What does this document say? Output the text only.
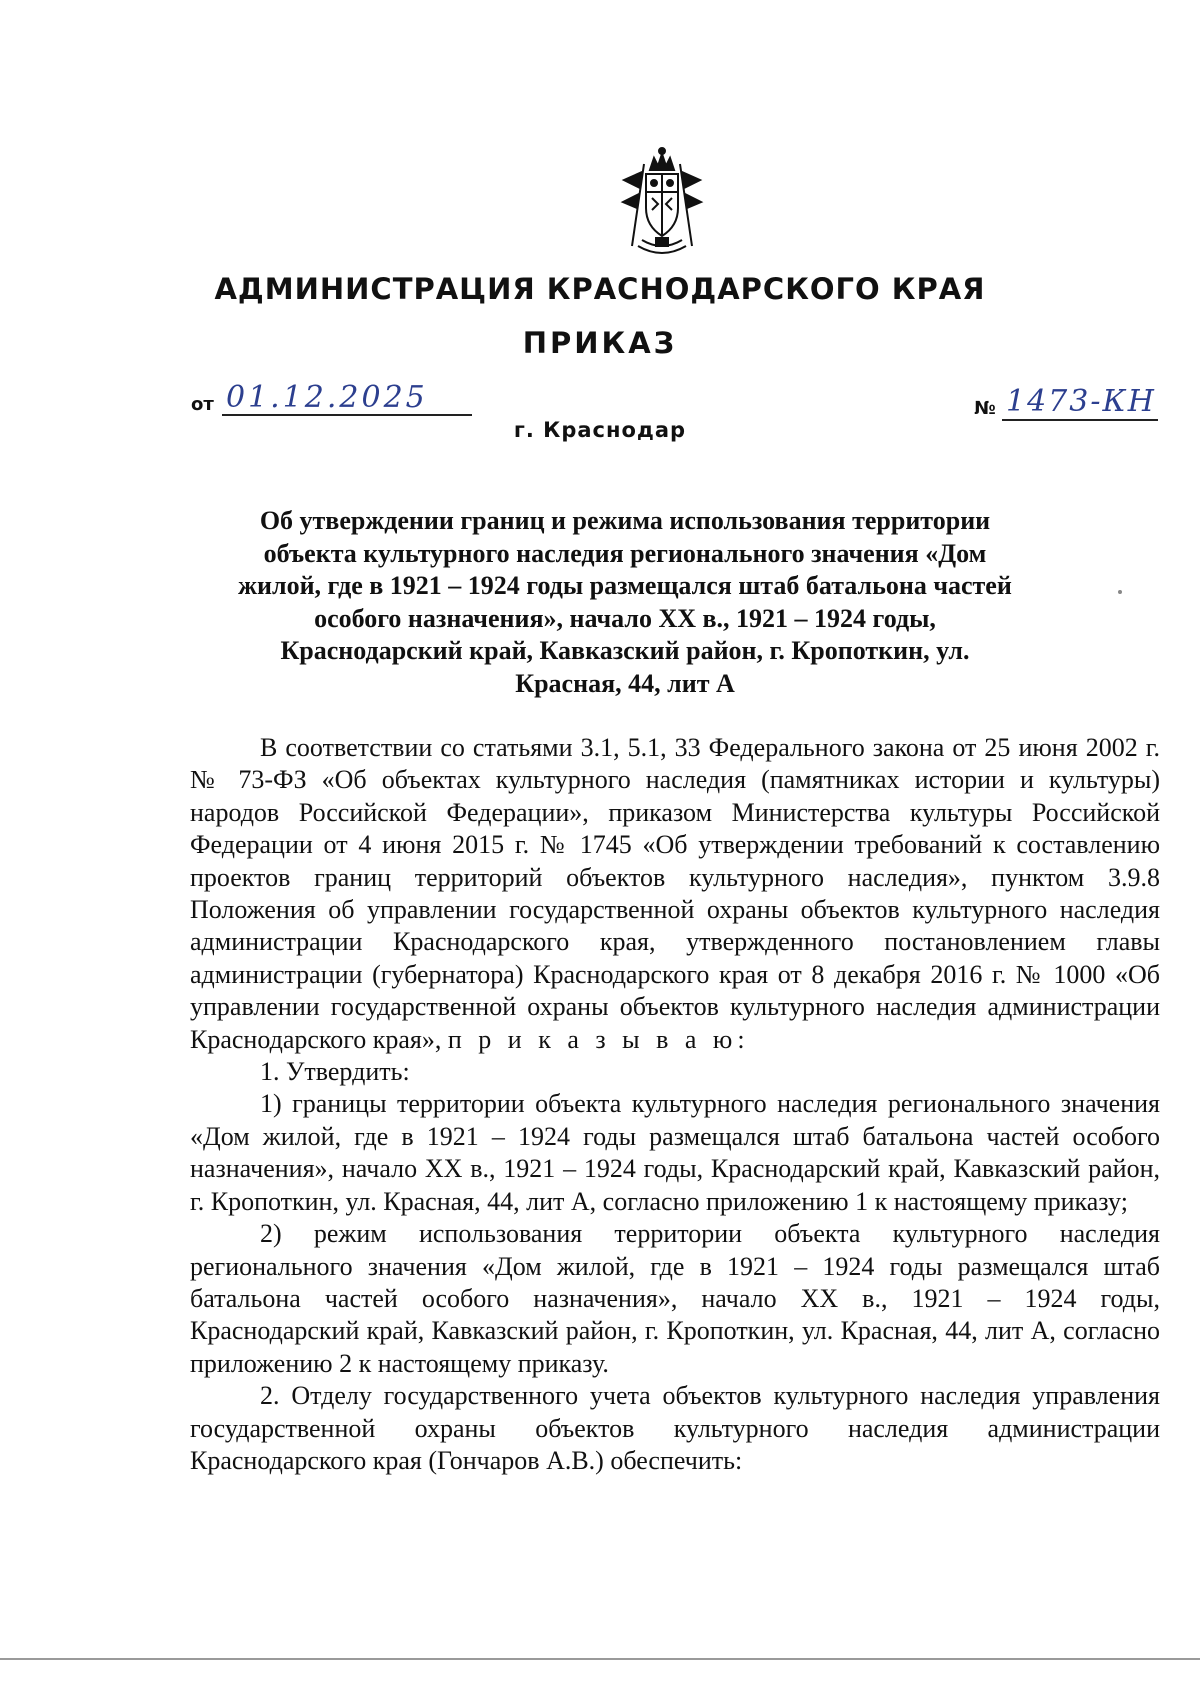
АДМИНИСТРАЦИЯ КРАСНОДАРСКОГО КРАЯ
ПРИКАЗ
от 01.12.2025	№ 1473-КН
г. Краснодар
Об утверждении границ и режима использования территории объекта культурного наследия регионального значения «Дом жилой, где в 1921 – 1924 годы размещался штаб батальона частей особого назначения», начало XX в., 1921 – 1924 годы, Краснодарский край, Кавказский район, г. Кропоткин, ул. Красная, 44, лит А

В соответствии со статьями 3.1, 5.1, 33 Федерального закона от 25 июня 2002 г. № 73-ФЗ «Об объектах культурного наследия (памятниках истории и культуры) народов Российской Федерации», приказом Министерства культуры Российской Федерации от 4 июня 2015 г. № 1745 «Об утверждении требований к составлению проектов границ территорий объектов культурного наследия», пунктом 3.9.8 Положения об управлении государственной охраны объектов культурного наследия администрации Краснодарского края, утвержденного постановлением главы администрации (губернатора) Краснодарского края от 8 декабря 2016 г. № 1000 «Об управлении государственной охраны объектов культурного наследия администрации Краснодарского края», п р и к а з ы в а ю:

1. Утвердить:

1) границы территории объекта культурного наследия регионального значения «Дом жилой, где в 1921 – 1924 годы размещался штаб батальона частей особого назначения», начало XX в., 1921 – 1924 годы, Краснодарский край, Кавказский район, г. Кропоткин, ул. Красная, 44, лит А, согласно приложению 1 к настоящему приказу;

2) режим использования территории объекта культурного наследия регионального значения «Дом жилой, где в 1921 – 1924 годы размещался штаб батальона частей особого назначения», начало XX в., 1921 – 1924 годы, Краснодарский край, Кавказский район, г. Кропоткин, ул. Красная, 44, лит А, согласно приложению 2 к настоящему приказу.

2. Отделу государственного учета объектов культурного наследия управления государственной охраны объектов культурного наследия администрации Краснодарского края (Гончаров А.В.) обеспечить:
